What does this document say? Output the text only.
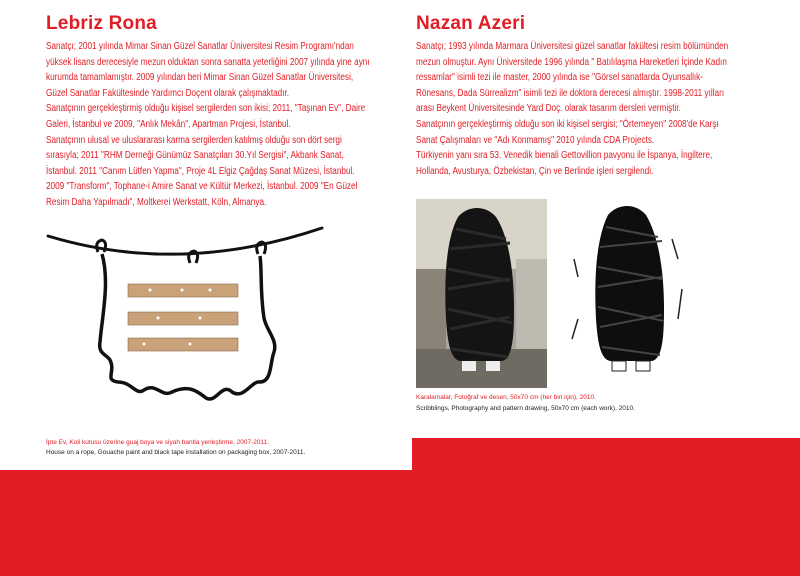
Lebriz Rona

Sanatçı; 2001 yılında Mimar Sinan Güzel Sanatlar Üniversitesi Resim Programı'ndan yüksek lisans derecesiyle mezun olduktan sonra sanatta yeterliğini 2007 yılında yine aynı kurumda tamamlamıştır. 2009 yılından beri Mimar Sinan Güzel Sanatlar Üniversitesi, Güzel Sanatlar Fakültesinde Yardımcı Doçent olarak çalışmaktadır.

Sanatçının gerçekleştirmiş olduğu kişisel sergilerden son ikisi; 2011, "Taşınan Ev", Daire Galeri, İstanbul ve 2009, "Anlık Mekân", Apartman Projesi, İstanbul.

Sanatçının ulusal ve uluslararası karma sergilerden katılmış olduğu son dört sergi sırasıyla; 2011 "RHM Derneği Günümüz Sanatçıları 30.Yıl Sergisi", Akbank Sanat, İstanbul. 2011 "Canım Lütfen Yapma", Proje 4L Elgiz Çağdaş Sanat Müzesi, İstanbul. 2009 "Transform", Tophane-i Amire Sanat ve Kültür Merkezi, İstanbul. 2009 "En Güzel Resim Daha Yapılmadı", Moltkerei Werkstatt, Köln, Almanya.

İpte Ev, Koli kutusu üzerine guaj boya ve siyah bantla yerleştirme, 2007-2011.
House on a rope, Gouache paint and black tape installation on packaging box, 2007-2011.
Nazan Azeri

Sanatçı; 1993 yılında Marmara Üniversitesi güzel sanatlar fakültesi resim bölümünden mezun olmuştur. Aynı Üniversitede 1996 yılında " Batılılaşma Hareketleri İçinde Kadın ressamlar" isimli tezi ile master, 2000 yılında ise "Görsel sanatlarda Oyunsallık-Rönesans, Dada Sürrealizm" isimli tezi ile doktora derecesi almıştır. 1998-2011 yılları arası Beykent Üniversitesinde Yard Doç. olarak tasarım dersleri vermiştir.

Sanatçının gerçekleştirmiş olduğu son iki kişisel sergisi; "Örtemeyen" 2008'de Karşı Sanat Çalışmaları ve "Adı Konmamış" 2010 yılında CDA Projects.

Türkiyenin yanı sıra 53. Venedik bienali Gettovillion pavyonu ile İspanya, İngiltere, Hollanda, Avusturya, Özbekistan, Çin ve Berlinde işleri sergilendi.

Karalamalar, Fotoğraf ve desen, 50x70 cm (her biri için), 2010.
Scribblings, Photography and pattern drawing, 50x70 cm (each work), 2010.
